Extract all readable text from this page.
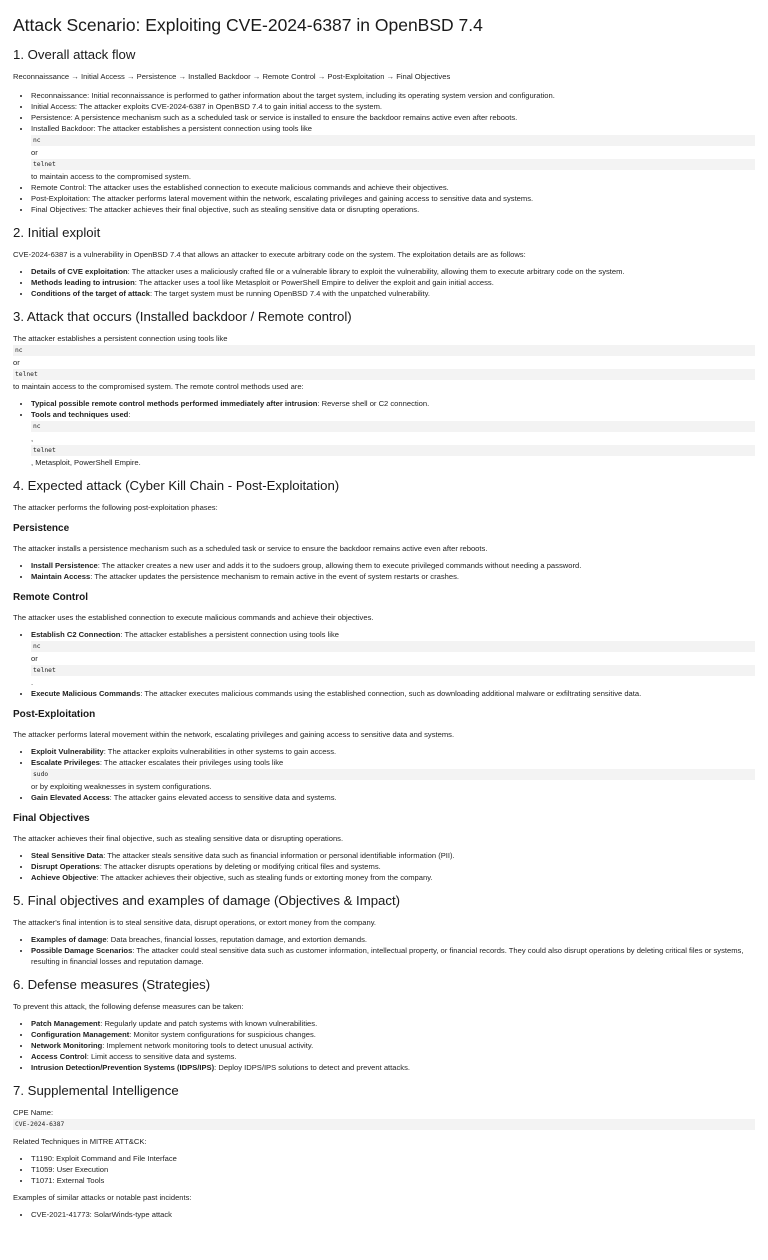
Attack Scenario: Exploiting CVE-2024-6387 in OpenBSD 7.4
1. Overall attack flow

Reconnaissance → Initial Access → Persistence → Installed Backdoor → Remote Control → Post-Exploitation → Final Objectives

• Reconnaissance: Initial reconnaissance is performed to gather information about the target system, including its operating system version and configuration.
• Initial Access: The attacker exploits CVE-2024-6387 in OpenBSD 7.4 to gain initial access to the system.
• Persistence: A persistence mechanism such as a scheduled task or service is installed to ensure the backdoor remains active even after reboots.
• Installed Backdoor: The attacker establishes a persistent connection using tools like
nc
or
telnet
to maintain access to the compromised system.
• Remote Control: The attacker uses the established connection to execute malicious commands and achieve their objectives.
• Post-Exploitation: The attacker performs lateral movement within the network, escalating privileges and gaining access to sensitive data and systems.
• Final Objectives: The attacker achieves their final objective, such as stealing sensitive data or disrupting operations.
2. Initial exploit

CVE-2024-6387 is a vulnerability in OpenBSD 7.4 that allows an attacker to execute arbitrary code on the system. The exploitation details are as follows:

• Details of CVE exploitation: The attacker uses a maliciously crafted file or a vulnerable library to exploit the vulnerability, allowing them to execute arbitrary code on the system.
• Methods leading to intrusion: The attacker uses a tool like Metasploit or PowerShell Empire to deliver the exploit and gain initial access.
• Conditions of the target of attack: The target system must be running OpenBSD 7.4 with the unpatched vulnerability.
3. Attack that occurs (Installed backdoor / Remote control)
The attacker establishes a persistent connection using tools like
nc
or
telnet
to maintain access to the compromised system. The remote control methods used are:
• Typical possible remote control methods performed immediately after intrusion: Reverse shell or C2 connection.
• Tools and techniques used:
nc
,
telnet
, Metasploit, PowerShell Empire.
4. Expected attack (Cyber Kill Chain - Post-Exploitation)

The attacker performs the following post-exploitation phases:

Persistence

The attacker installs a persistence mechanism such as a scheduled task or service to ensure the backdoor remains active even after reboots.

• Install Persistence: The attacker creates a new user and adds it to the sudoers group, allowing them to execute privileged commands without needing a password.
• Maintain Access: The attacker updates the persistence mechanism to remain active in the event of system restarts or crashes.
Remote Control

The attacker uses the established connection to execute malicious commands and achieve their objectives.

• Establish C2 Connection: The attacker establishes a persistent connection using tools like
nc
or
telnet
.
• Execute Malicious Commands: The attacker executes malicious commands using the established connection, such as downloading additional malware or exfiltrating sensitive data.
Post-Exploitation

The attacker performs lateral movement within the network, escalating privileges and gaining access to sensitive data and systems.

• Exploit Vulnerability: The attacker exploits vulnerabilities in other systems to gain access.
• Escalate Privileges: The attacker escalates their privileges using tools like
sudo
or by exploiting weaknesses in system configurations.
• Gain Elevated Access: The attacker gains elevated access to sensitive data and systems.
Final Objectives

The attacker achieves their final objective, such as stealing sensitive data or disrupting operations.

• Steal Sensitive Data: The attacker steals sensitive data such as financial information or personal identifiable information (PII).
• Disrupt Operations: The attacker disrupts operations by deleting or modifying critical files and systems.
• Achieve Objective: The attacker achieves their objective, such as stealing funds or extorting money from the company.
5. Final objectives and examples of damage (Objectives & Impact)

The attacker's final intention is to steal sensitive data, disrupt operations, or extort money from the company.

• Examples of damage: Data breaches, financial losses, reputation damage, and extortion demands.
• Possible Damage Scenarios: The attacker could steal sensitive data such as customer information, intellectual property, or financial records. They could also disrupt operations by deleting critical files or systems, resulting in financial losses and reputation damage.
6. Defense measures (Strategies)

To prevent this attack, the following defense measures can be taken:

• Patch Management: Regularly update and patch systems with known vulnerabilities.
• Configuration Management: Monitor system configurations for suspicious changes.
• Network Monitoring: Implement network monitoring tools to detect unusual activity.
• Access Control: Limit access to sensitive data and systems.
• Intrusion Detection/Prevention Systems (IDPS/IPS): Deploy IDPS/IPS solutions to detect and prevent attacks.
7. Supplemental Intelligence
CPE Name:
CVE-2024-6387

Related Techniques in MITRE ATT&CK:

• T1190: Exploit Command and File Interface
• T1059: User Execution
• T1071: External Tools

Examples of similar attacks or notable past incidents:

• CVE-2021-41773: SolarWinds-type attack
